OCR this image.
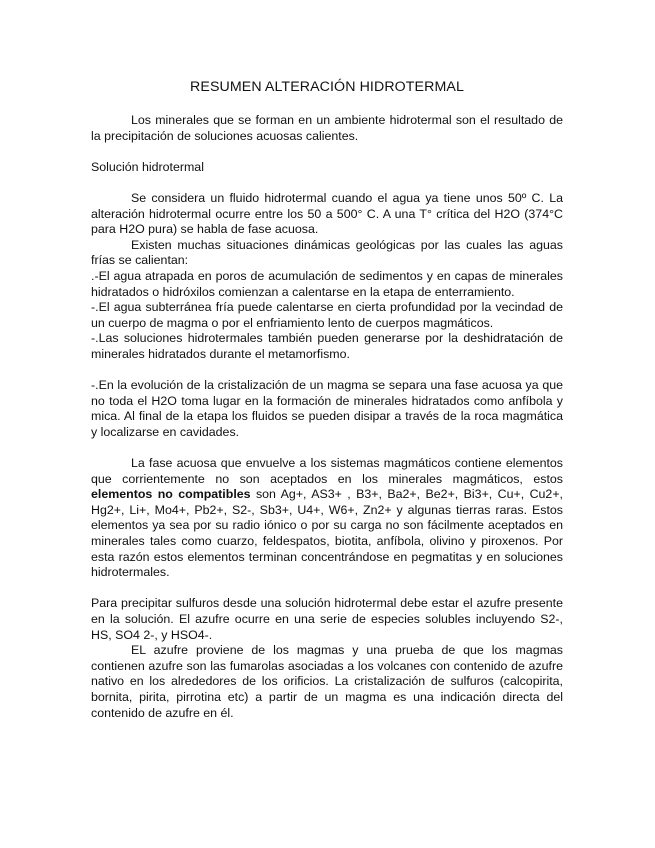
RESUMEN ALTERACIÓN HIDROTERMAL

Los minerales que se forman en un ambiente hidrotermal son el resultado de la precipitación de soluciones acuosas calientes.

Solución hidrotermal

Se considera un fluido hidrotermal cuando el agua ya tiene unos 50º C. La alteración hidrotermal ocurre entre los 50 a 500° C. A una T° crítica del H2O (374°C para H2O pura) se habla de fase acuosa.

Existen muchas situaciones dinámicas geológicas por las cuales las aguas frías se calientan:

.-El agua atrapada en poros de acumulación de sedimentos y en capas de minerales hidratados o hidróxilos comienzan a calentarse en la etapa de enterramiento.

-.El agua subterránea fría puede calentarse en cierta profundidad por la vecindad de un cuerpo de magma o por el enfriamiento lento de cuerpos magmáticos.

-.Las soluciones hidrotermales también pueden generarse por la deshidratación de minerales hidratados durante el metamorfismo.

-.En la evolución de la cristalización de un magma se separa una fase acuosa ya que no toda el H2O toma lugar en la formación de minerales hidratados como anfíbola y mica. Al final de la etapa los fluidos se pueden disipar a través de la roca magmática y localizarse en cavidades.

La fase acuosa que envuelve a los sistemas magmáticos contiene elementos que corrientemente no son aceptados en los minerales magmáticos, estos elementos no compatibles son Ag+, AS3+ , B3+, Ba2+, Be2+, Bi3+, Cu+, Cu2+, Hg2+, Li+, Mo4+, Pb2+, S2-, Sb3+, U4+, W6+, Zn2+ y algunas tierras raras. Estos elementos ya sea por su radio iónico o por su carga no son fácilmente aceptados en minerales tales como cuarzo, feldespatos, biotita, anfíbola, olivino y piroxenos. Por esta razón estos elementos terminan concentrándose en pegmatitas y en soluciones hidrotermales.

Para precipitar sulfuros desde una solución hidrotermal debe estar el azufre presente en la solución. El azufre ocurre en una serie de especies solubles incluyendo S2-, HS, SO4 2-, y HSO4-.

EL azufre proviene de los magmas y una prueba de que los magmas contienen azufre son las fumarolas asociadas a los volcanes con contenido de azufre nativo en los alrededores de los orificios. La cristalización de sulfuros (calcopirita, bornita, pirita, pirrotina etc) a partir de un magma es una indicación directa del contenido de azufre en él.
